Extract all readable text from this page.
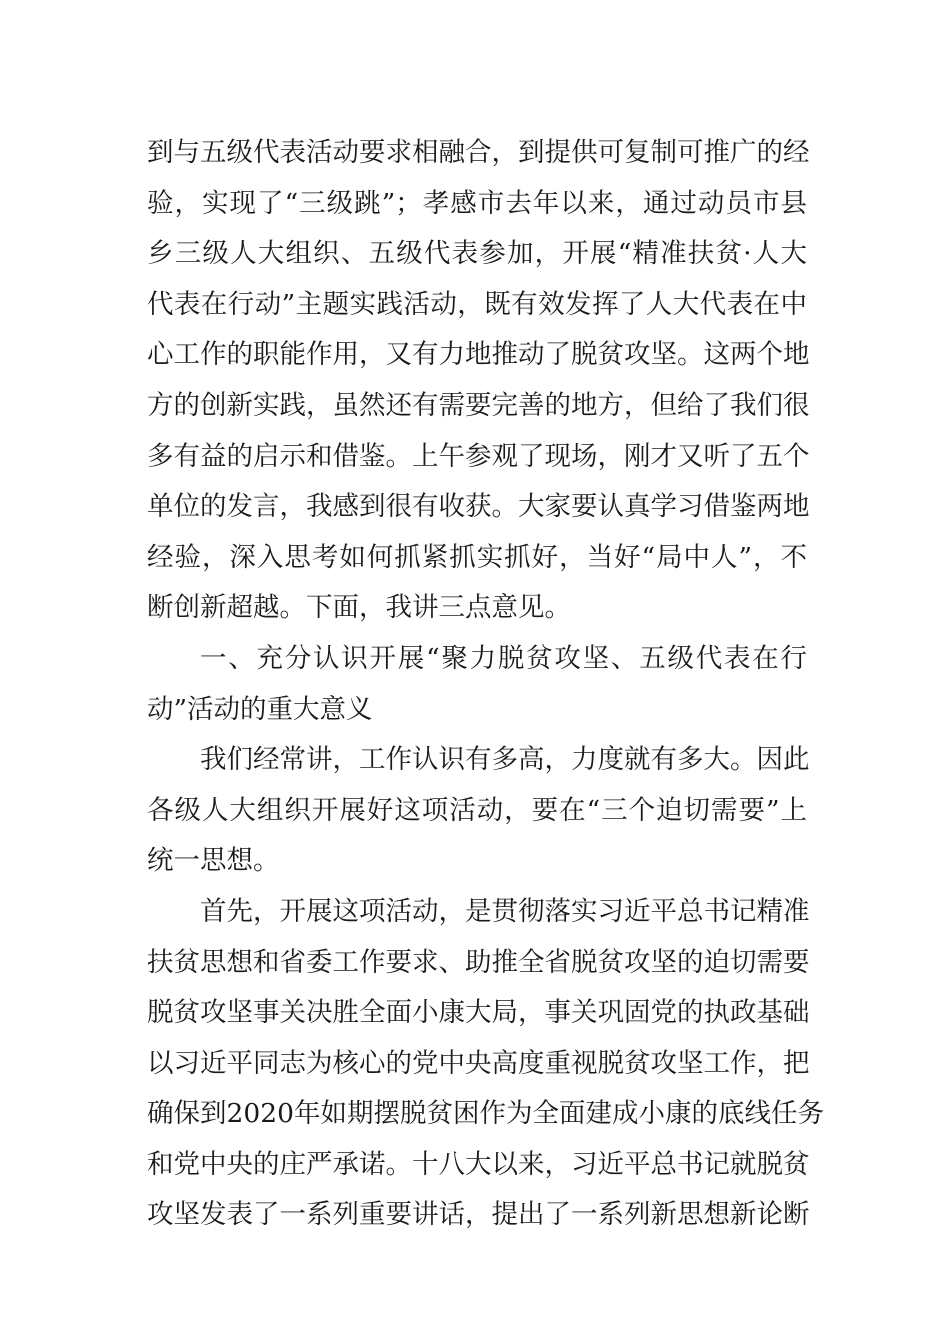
到与五级代表活动要求相融合，到提供可复制可推广的经
验，实现了“三级跳”；孝感市去年以来，通过动员市县
乡三级人大组织、五级代表参加，开展“精准扶贫·人大
代表在行动”主题实践活动，既有效发挥了人大代表在中
心工作的职能作用，又有力地推动了脱贫攻坚。这两个地
方的创新实践，虽然还有需要完善的地方，但给了我们很
多有益的启示和借鉴。上午参观了现场，刚才又听了五个
单位的发言，我感到很有收获。大家要认真学习借鉴两地
经验，深入思考如何抓紧抓实抓好，当好“局中人”，不
断创新超越。下面，我讲三点意见。
一、充分认识开展“聚力脱贫攻坚、五级代表在行
动”活动的重大意义
我们经常讲，工作认识有多高，力度就有多大。因此
各级人大组织开展好这项活动，要在“三个迫切需要”上
统一思想。
首先，开展这项活动，是贯彻落实习近平总书记精准
扶贫思想和省委工作要求、助推全省脱贫攻坚的迫切需要
脱贫攻坚事关决胜全面小康大局，事关巩固党的执政基础
以习近平同志为核心的党中央高度重视脱贫攻坚工作，把
确保到2020年如期摆脱贫困作为全面建成小康的底线任务
和党中央的庄严承诺。十八大以来，习近平总书记就脱贫
攻坚发表了一系列重要讲话，提出了一系列新思想新论断
